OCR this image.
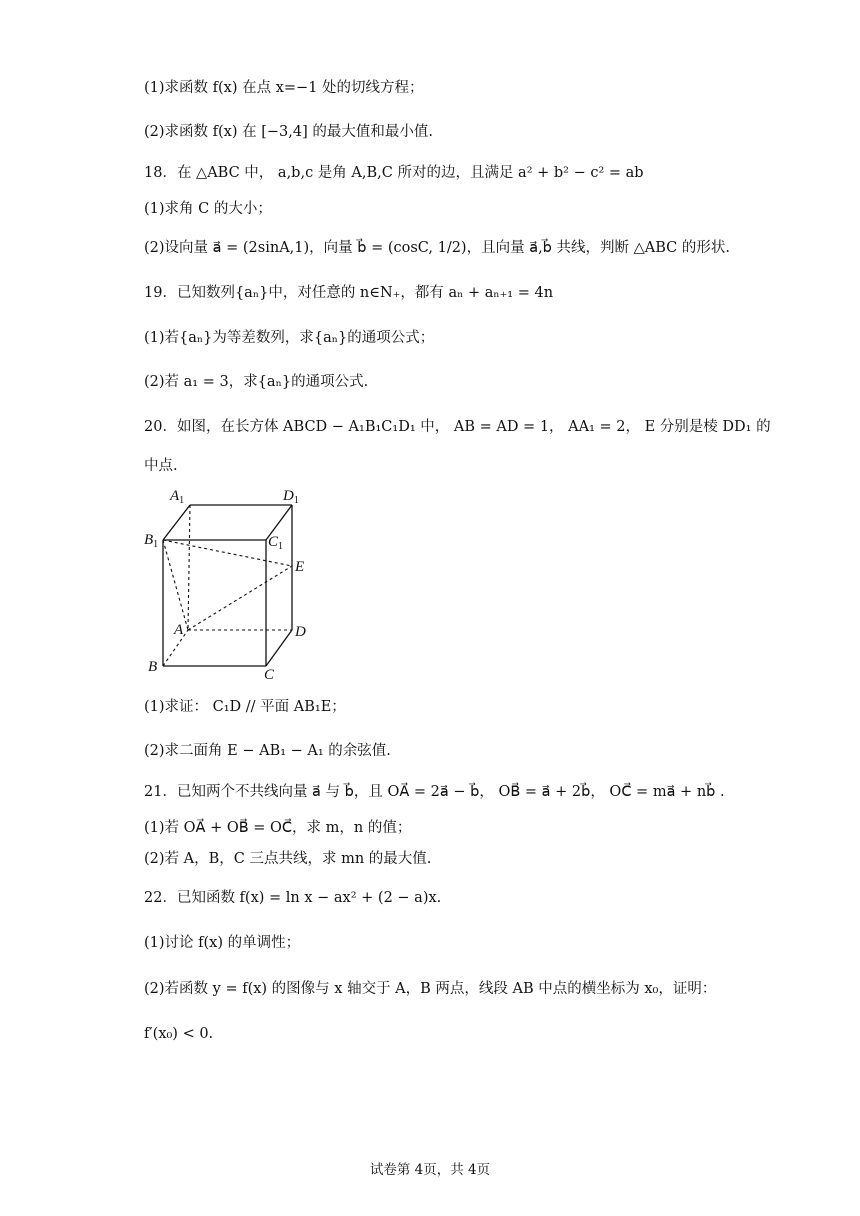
(1)求函数 f(x) 在点 x=−1 处的切线方程；
(2)求函数 f(x) 在 [−3,4] 的最大值和最小值.
18．在 △ABC 中， a,b,c 是角 A,B,C 所对的边，且满足 a² + b² − c² = ab
(1)求角 C 的大小；
(2)设向量 a⃗ = (2sinA,1)，向量 b⃗ = (cosC, 1/2)，且向量 a⃗,b⃗ 共线，判断 △ABC 的形状.
19．已知数列{aₙ}中，对任意的 n∈N₊，都有 aₙ + aₙ₊₁ = 4n
(1)若{aₙ}为等差数列，求{aₙ}的通项公式；
(2)若 a₁ = 3，求{aₙ}的通项公式.
20．如图，在长方体 ABCD − A₁B₁C₁D₁ 中， AB = AD = 1， AA₁ = 2， E 分别是棱 DD₁ 的
中点.
$A_1$	$D_1$
$B_1$	$C_1$
E
A	D
B	C
(1)求证： C₁D // 平面 AB₁E；
(2)求二面角 E − AB₁ − A₁ 的余弦值.
21．已知两个不共线向量 a⃗ 与 b⃗，且 OA⃗ = 2a⃗ − b⃗， OB⃗ = a⃗ + 2b⃗， OC⃗ = ma⃗ + nb⃗ .
(1)若 OA⃗ + OB⃗ = OC⃗，求 m，n 的值；
(2)若 A，B，C 三点共线，求 mn 的最大值.
22．已知函数 f(x) = ln x − ax² + (2 − a)x.
(1)讨论 f(x) 的单调性；
(2)若函数 y = f(x) 的图像与 x 轴交于 A，B 两点，线段 AB 中点的横坐标为 x₀，证明：
f′(x₀) < 0.
试卷第 4页，共 4页
